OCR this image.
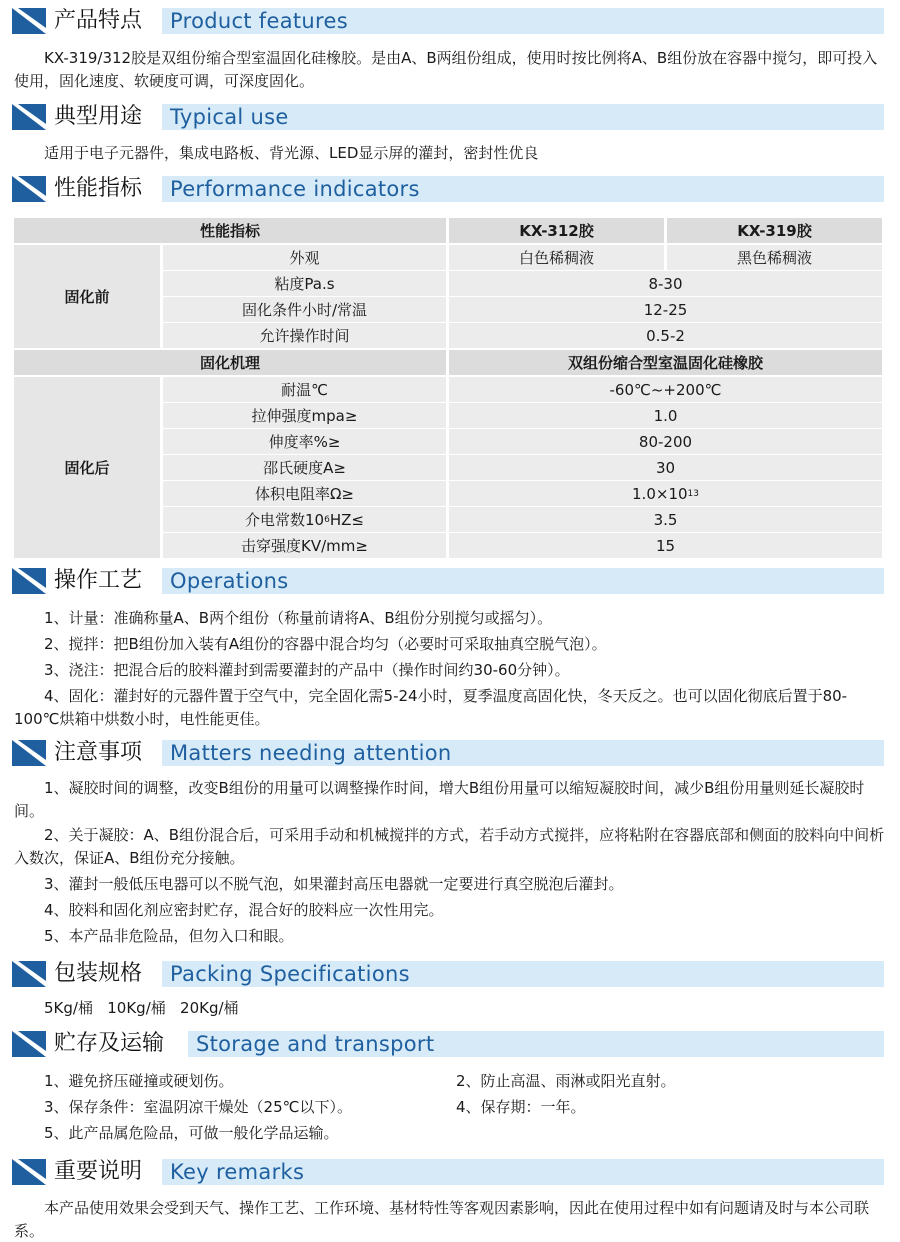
产品特点 Product features
KX-319/312胶是双组份缩合型室温固化硅橡胶。是由A、B两组份组成，使用时按比例将A、B组份放在容器中搅匀，即可投入使用，固化速度、软硬度可调，可深度固化。
典型用途 Typical use
适用于电子元器件，集成电路板、背光源、LED显示屏的灌封，密封性优良
性能指标 Performance indicators
性能指标	KX-312胶	KX-319胶
固化前
外观	白色稀稠液	黑色稀稠液
粘度Pa.s	8-30
固化条件小时/常温	12-25
允许操作时间	0.5-2
固化机理	双组份缩合型室温固化硅橡胶
固化后
耐温℃	-60℃~+200℃
拉伸强度mpa≥	1.0
伸度率%≥	80-200
邵氏硬度A≥	30
体积电阻率Ω≥	1.0×10 13
介电常数10 6 HZ≤	3.5
击穿强度KV/mm≥	15
操作工艺 Operations
1、计量：准确称量A、B两个组份（称量前请将A、B组份分别搅匀或摇匀）。
2、搅拌：把B组份加入装有A组份的容器中混合均匀（必要时可采取抽真空脱气泡）。
3、浇注：把混合后的胶料灌封到需要灌封的产品中（操作时间约30-60分钟）。
4、固化：灌封好的元器件置于空气中，完全固化需5-24小时，夏季温度高固化快，冬天反之。也可以固化彻底后置于80-100℃烘箱中烘数小时，电性能更佳。
注意事项 Matters needing attention
1、凝胶时间的调整，改变B组份的用量可以调整操作时间，增大B组份用量可以缩短凝胶时间，减少B组份用量则延长凝胶时间。
2、关于凝胶：A、B组份混合后，可采用手动和机械搅拌的方式，若手动方式搅拌，应将粘附在容器底部和侧面的胶料向中间析入数次，保证A、B组份充分接触。
3、灌封一般低压电器可以不脱气泡，如果灌封高压电器就一定要进行真空脱泡后灌封。
4、胶料和固化剂应密封贮存，混合好的胶料应一次性用完。
5、本产品非危险品，但勿入口和眼。
包装规格 Packing Specifications
5Kg/桶   10Kg/桶   20Kg/桶
贮存及运输 Storage and transport
1、避免挤压碰撞或硬划伤。	2、防止高温、雨淋或阳光直射。
3、保存条件：室温阴凉干燥处（25℃以下）。	4、保存期：一年。
5、此产品属危险品，可做一般化学品运输。
重要说明 Key remarks
本产品使用效果会受到天气、操作工艺、工作环境、基材特性等客观因素影响，因此在使用过程中如有问题请及时与本公司联系。
